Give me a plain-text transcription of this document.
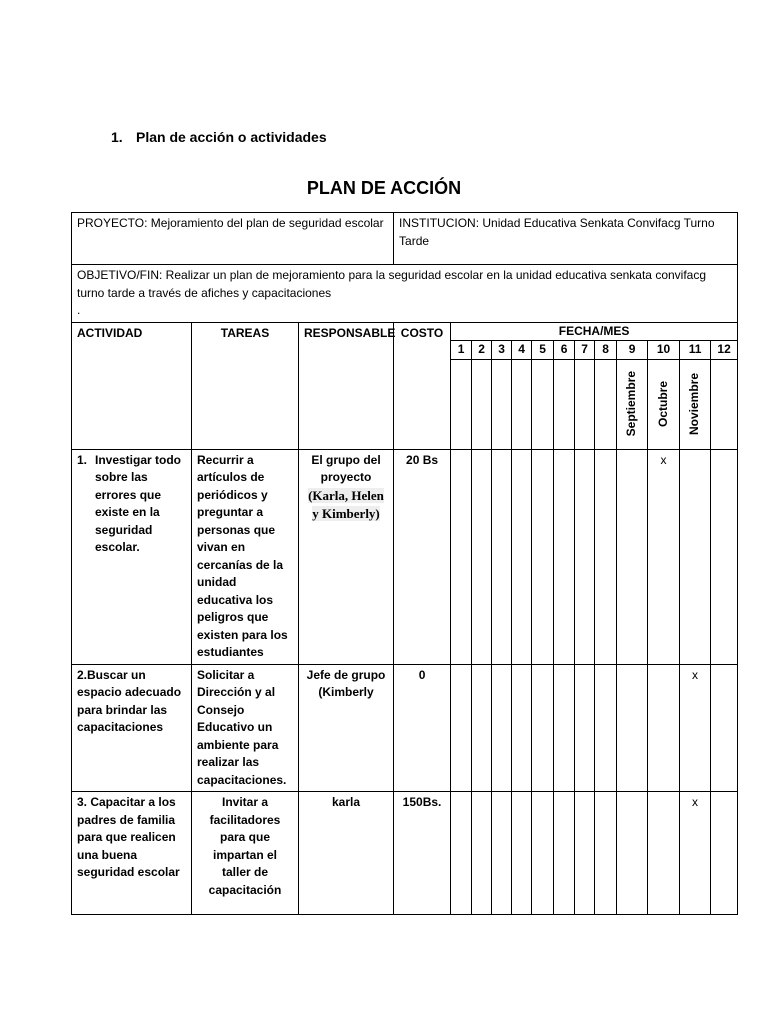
1. Plan de acción o actividades
PLAN DE ACCIÓN
PROYECTO: Mejoramiento del plan de seguridad escolar			INSTITUCION: Unidad Educativa Senkata Convifacg Turno Tarde												

OBJETIVO/FIN: Realizar un plan de mejoramiento para la seguridad escolar en la unidad educativa senkata convifacg turno tarde a través de afiches y capacitaciones
.															

ACTIVIDAD	TAREAS	RESPONSABLE	COSTO	FECHA/MES											
				1	2	3	4	5	6	7	8	9	10	11	12

												Septiembre	Octubre	Noviembre	

1. Investigar todo sobre las errores que existe en la seguridad escolar.	Recurrir a artículos de periódicos y preguntar a personas que vivan en cercanías de la unidad educativa los peligros que existen para los estudiantes	El grupo del proyecto
(Karla, Helen y Kimberly)	20 Bs										x		
2.Buscar un espacio adecuado para brindar las capacitaciones	Solicitar a Dirección y al Consejo Educativo un ambiente para realizar las capacitaciones.	Jefe de grupo (Kimberly	0											x	
3. Capacitar a los padres de familia para que realicen una buena seguridad escolar	Invitar a facilitadores para que impartan el taller de capacitación	karla	150Bs.											x	
